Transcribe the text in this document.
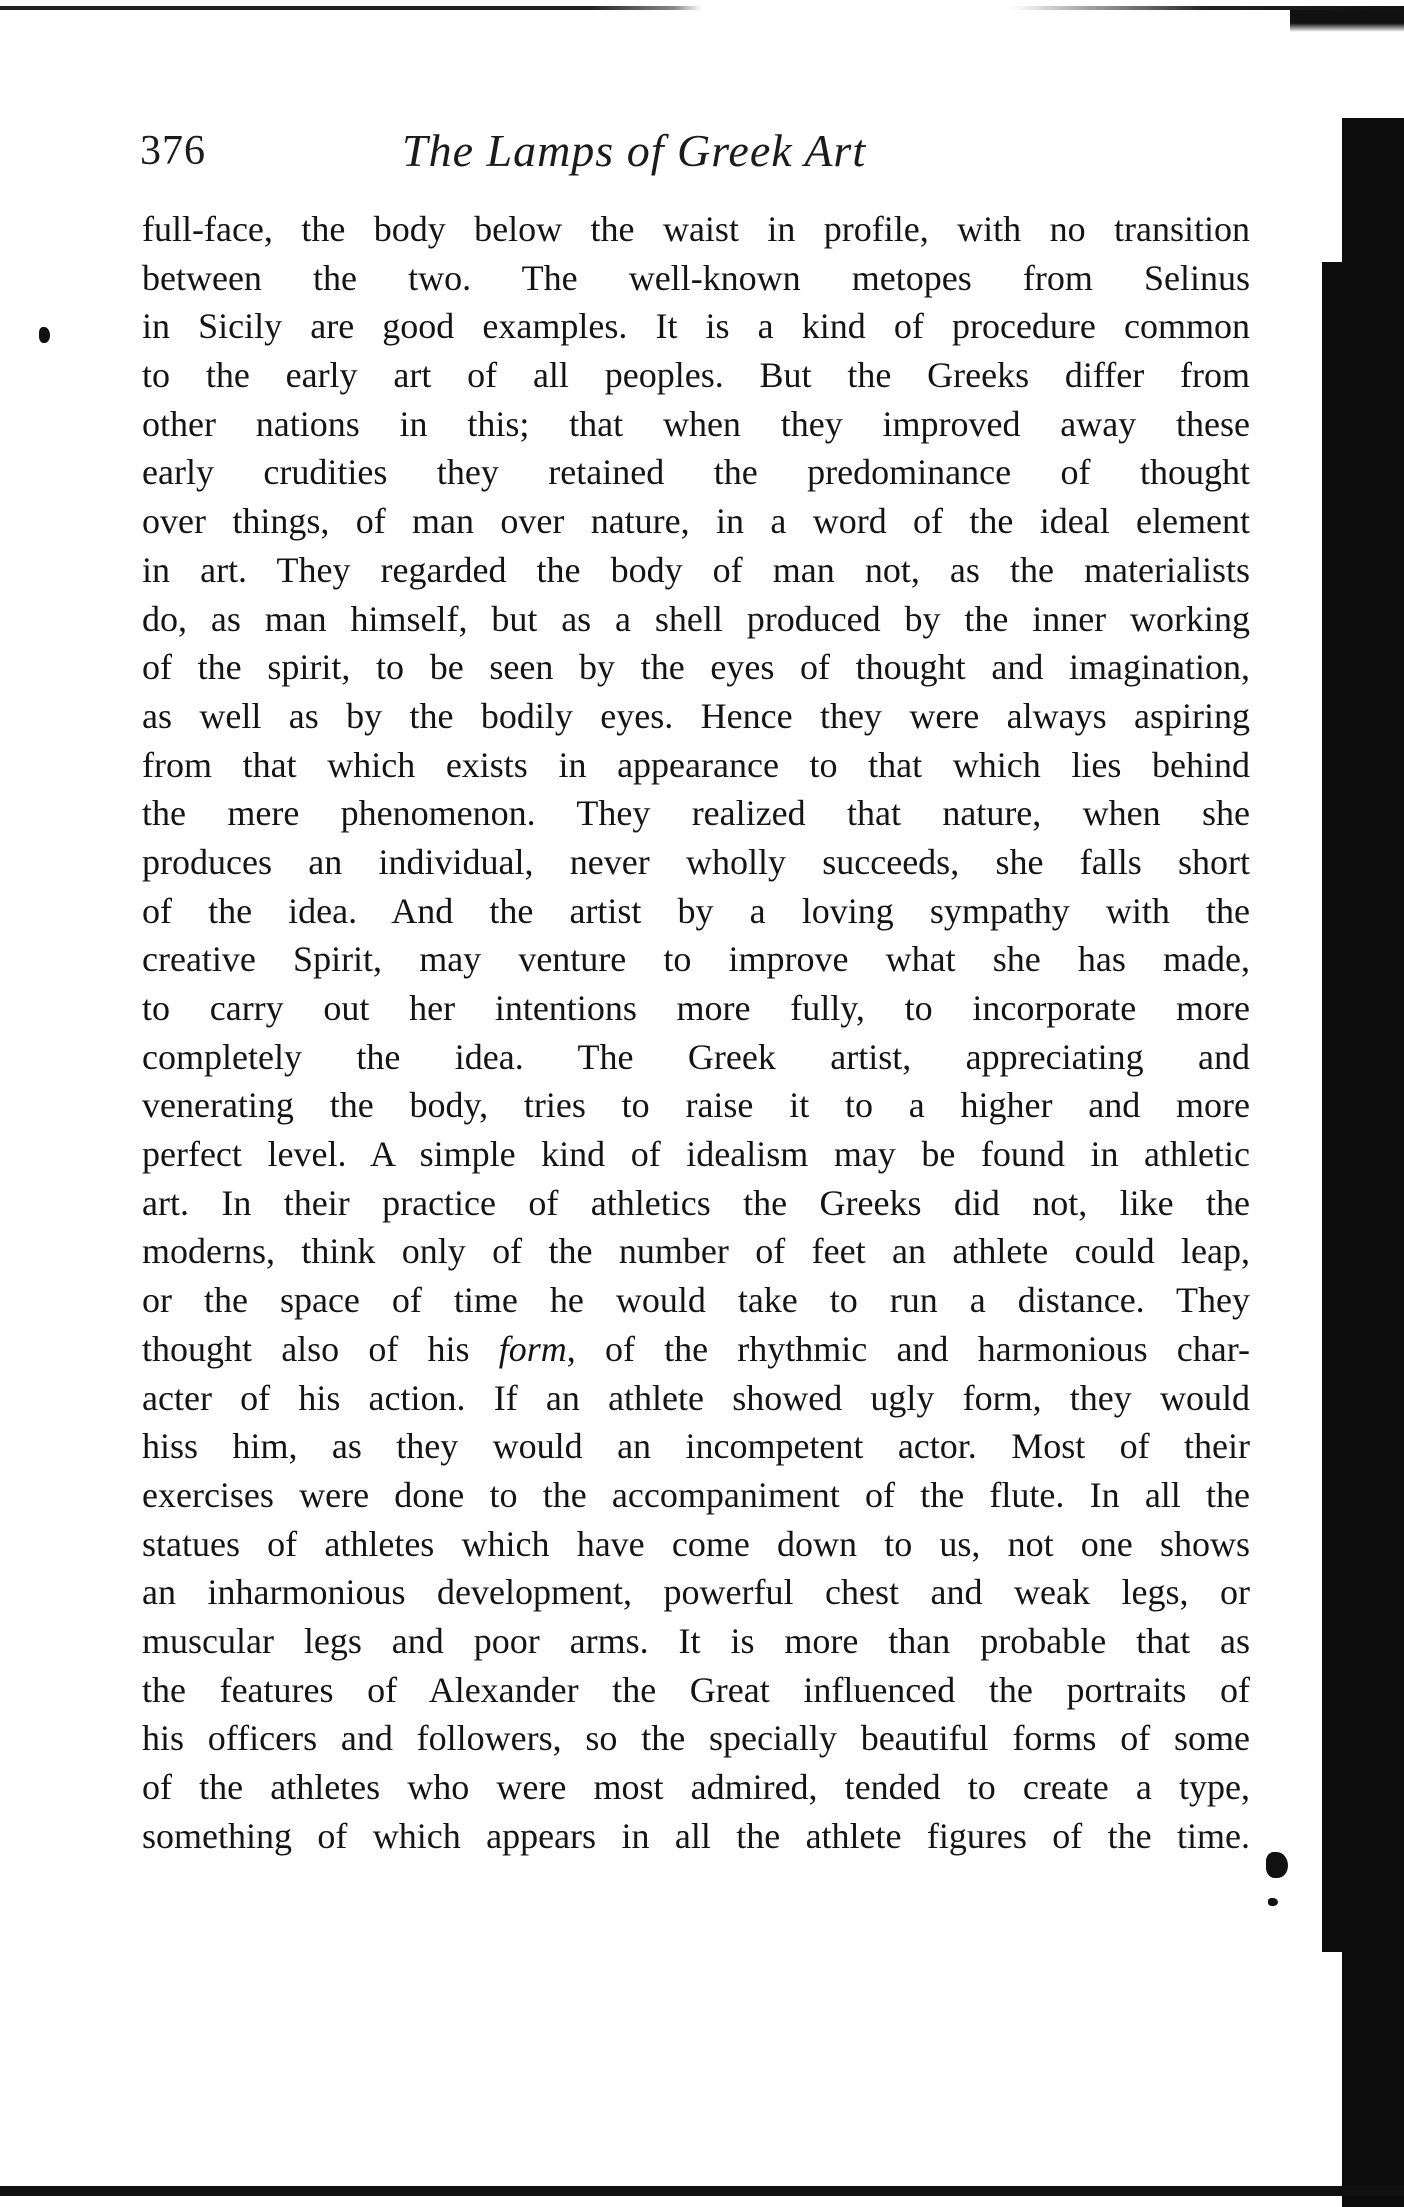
376	The Lamps of Greek Art
full-face, the body below the waist in profile, with no transition
between the two. The well-known metopes from Selinus
in Sicily are good examples. It is a kind of procedure common
to the early art of all peoples. But the Greeks differ from
other nations in this; that when they improved away these
early crudities they retained the predominance of thought
over things, of man over nature, in a word of the ideal element
in art. They regarded the body of man not, as the materialists
do, as man himself, but as a shell produced by the inner working
of the spirit, to be seen by the eyes of thought and imagination,
as well as by the bodily eyes. Hence they were always aspiring
from that which exists in appearance to that which lies behind
the mere phenomenon. They realized that nature, when she
produces an individual, never wholly succeeds, she falls short
of the idea. And the artist by a loving sympathy with the
creative Spirit, may venture to improve what she has made,
to carry out her intentions more fully, to incorporate more
completely the idea. The Greek artist, appreciating and
venerating the body, tries to raise it to a higher and more
perfect level. A simple kind of idealism may be found in athletic
art. In their practice of athletics the Greeks did not, like the
moderns, think only of the number of feet an athlete could leap,
or the space of time he would take to run a distance. They
thought also of his form, of the rhythmic and harmonious char-
acter of his action. If an athlete showed ugly form, they would
hiss him, as they would an incompetent actor. Most of their
exercises were done to the accompaniment of the flute. In all the
statues of athletes which have come down to us, not one shows
an inharmonious development, powerful chest and weak legs, or
muscular legs and poor arms. It is more than probable that as
the features of Alexander the Great influenced the portraits of
his officers and followers, so the specially beautiful forms of some
of the athletes who were most admired, tended to create a type,
something of which appears in all the athlete figures of the time.
